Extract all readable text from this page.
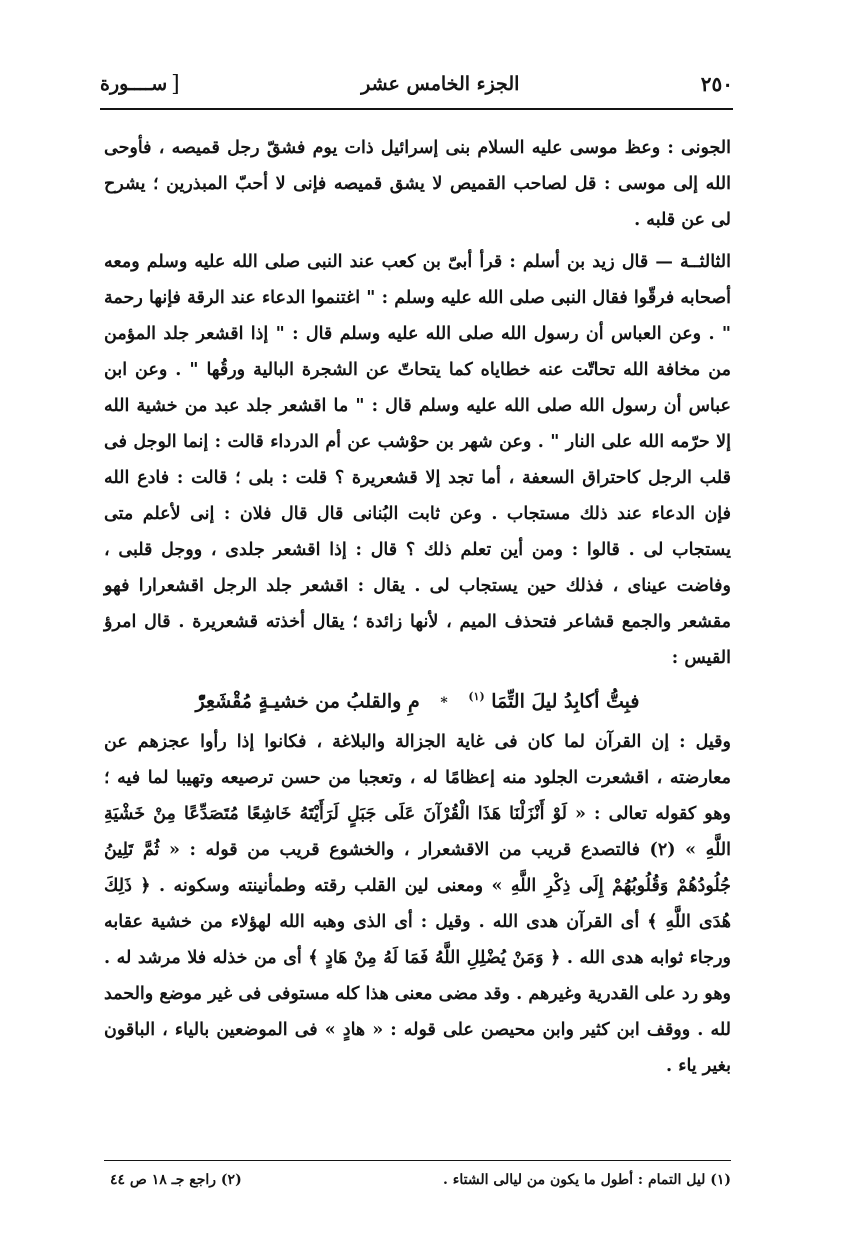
٢٥٠
الجزء الخامس عشر
[
ســــورة

الجونى : وعظ موسى عليه السلام بنى إسرائيل ذات يوم فشقّ رجل قميصه ، فأوحى الله إلى موسى : قل لصاحب القميص لا يشق قميصه فإنى لا أحبّ المبذرين ؛ يشرح لى عن قلبه .

الثالثــة — قال زيد بن أسلم : قرأ أبىّ بن كعب عند النبى صلى الله عليه وسلم ومعه أصحابه فرقّوا فقال النبى صلى الله عليه وسلم : " اغتنموا الدعاء عند الرقة فإنها رحمة " . وعن العباس أن رسول الله صلى الله عليه وسلم قال : " إذا اقشعر جلد المؤمن من مخافة الله تحاتّت عنه خطاياه كما يتحاتّ عن الشجرة البالية ورقُها " . وعن ابن عباس أن رسول الله صلى الله عليه وسلم قال : " ما اقشعر جلد عبد من خشية الله إلا حرّمه الله على النار " . وعن شهر بن حوْشب عن أم الدرداء قالت : إنما الوجل فى قلب الرجل كاحتراق السعفة ، أما تجد إلا قشعريرة ؟ قلت : بلى ؛ قالت : فادع الله فإن الدعاء عند ذلك مستجاب . وعن ثابت البُنانى قال قال فلان : إنى لأعلم متى يستجاب لى . قالوا : ومن أين تعلم ذلك ؟ قال : إذا اقشعر جلدى ، ووجل قلبى ، وفاضت عيناى ، فذلك حين يستجاب لى . يقال : اقشعر جلد الرجل اقشعرارا فهو مقشعر والجمع قشاعر فتحذف الميم ، لأنها زائدة ؛ يقال أخذته قشعريرة . قال امرؤ القيس :

فبِتُّ أكابِدُ ليلَ التِّمَا $^{(١)}$ * مِ والقلبُ من خشيـةٍ مُقْشَعِرّْ

وقيل : إن القرآن لما كان فى غاية الجزالة والبلاغة ، فكانوا إذا رأوا عجزهم عن معارضته ، اقشعرت الجلود منه إعظامًا له ، وتعجبا من حسن ترصيعه وتهيبا لما فيه ؛ وهو كقوله تعالى : « لَوْ أَنْزَلْنَا هَذَا الْقُرْآنَ عَلَى جَبَلٍ لَرَأَيْتَهُ خَاشِعًا مُتَصَدِّعًا مِنْ خَشْيَةِ اللَّهِ » (٢) فالتصدع قريب من الاقشعرار ، والخشوع قريب من قوله : « ثُمَّ تَلِينُ جُلُودُهُمْ وَقُلُوبُهُمْ إِلَى ذِكْرِ اللَّهِ » ومعنى لين القلب رقته وطمأنينته وسكونه . ﴿ ذَلِكَ هُدَى اللَّهِ ﴾ أى القرآن هدى الله . وقيل : أى الذى وهبه الله لهؤلاء من خشية عقابه ورجاء ثوابه هدى الله . ﴿ وَمَنْ يُضْلِلِ اللَّهُ فَمَا لَهُ مِنْ هَادٍ ﴾ أى من خذله فلا مرشد له . وهو رد على القدرية وغيرهم . وقد مضى معنى هذا كله مستوفى فى غير موضع والحمد لله . ووقف ابن كثير وابن محيصن على قوله : « هادٍ » فى الموضعين بالياء ، الباقون بغير ياء .

(١) ليل التمام : أطول ما يكون من ليالى الشتاء .
(٢) راجع جـ ١٨ ص ٤٤
